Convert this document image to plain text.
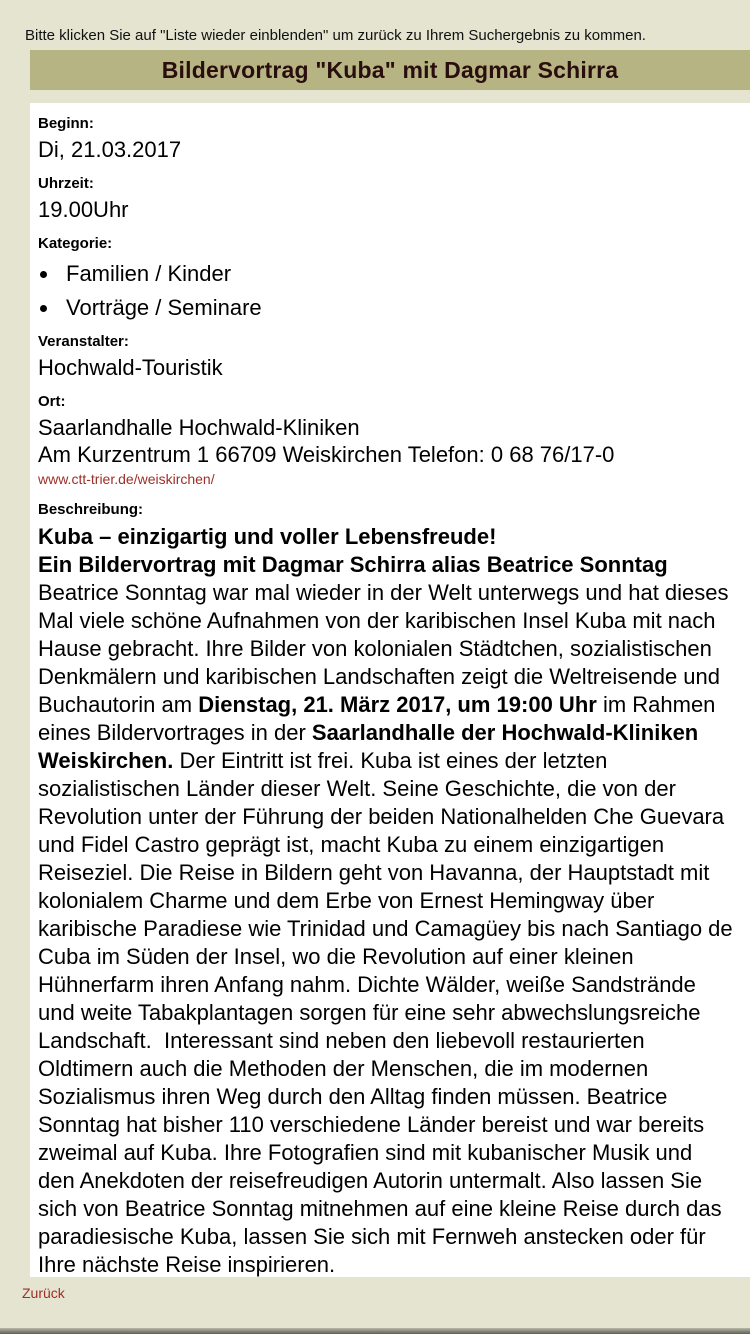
Bitte klicken Sie auf "Liste wieder einblenden" um zurück zu Ihrem Suchergebnis zu kommen.
Bildervortrag "Kuba" mit Dagmar Schirra
Beginn:
Di, 21.03.2017
Uhrzeit:
19.00Uhr
Kategorie:
• Familien / Kinder
• Vorträge / Seminare
Veranstalter:
Hochwald-Touristik
Ort:
Saarlandhalle Hochwald-Kliniken
Am Kurzentrum 1 66709 Weiskirchen Telefon: 0 68 76/17-0
www.ctt-trier.de/weiskirchen/
Beschreibung:
Kuba – einzigartig und voller Lebensfreude!
Ein Bildervortrag mit Dagmar Schirra alias Beatrice Sonntag

Beatrice Sonntag war mal wieder in der Welt unterwegs und hat dieses Mal viele schöne Aufnahmen von der karibischen Insel Kuba mit nach Hause gebracht. Ihre Bilder von kolonialen Städtchen, sozialistischen Denkmälern und karibischen Landschaften zeigt die Weltreisende und Buchautorin am Dienstag, 21. März 2017, um 19:00 Uhr im Rahmen eines Bildervortrages in der Saarlandhalle der Hochwald-Kliniken Weiskirchen. Der Eintritt ist frei. Kuba ist eines der letzten sozialistischen Länder dieser Welt. Seine Geschichte, die von der Revolution unter der Führung der beiden Nationalhelden Che Guevara und Fidel Castro geprägt ist, macht Kuba zu einem einzigartigen Reiseziel. Die Reise in Bildern geht von Havanna, der Hauptstadt mit kolonialem Charme und dem Erbe von Ernest Hemingway über karibische Paradiese wie Trinidad und Camagüey bis nach Santiago de Cuba im Süden der Insel, wo die Revolution auf einer kleinen Hühnerfarm ihren Anfang nahm. Dichte Wälder, weiße Sandstrände und weite Tabakplantagen sorgen für eine sehr abwechslungsreiche Landschaft.  Interessant sind neben den liebevoll restaurierten Oldtimern auch die Methoden der Menschen, die im modernen Sozialismus ihren Weg durch den Alltag finden müssen. Beatrice Sonntag hat bisher 110 verschiedene Länder bereist und war bereits zweimal auf Kuba. Ihre Fotografien sind mit kubanischer Musik und den Anekdoten der reisefreudigen Autorin untermalt. Also lassen Sie sich von Beatrice Sonntag mitnehmen auf eine kleine Reise durch das paradiesische Kuba, lassen Sie sich mit Fernweh anstecken oder für Ihre nächste Reise inspirieren.

Zurück
